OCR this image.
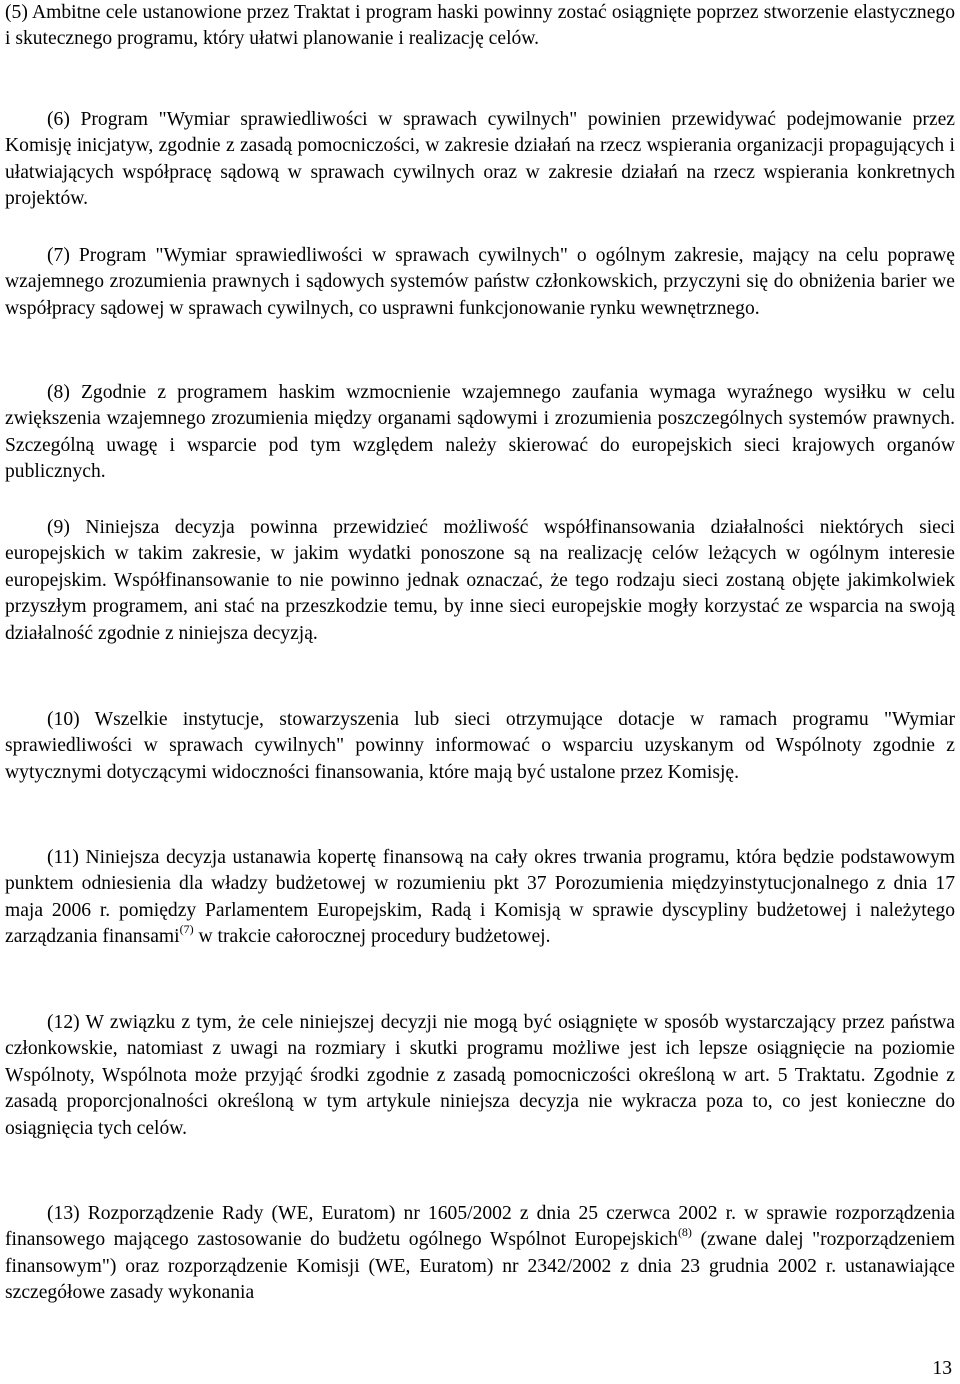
(5) Ambitne cele ustanowione przez Traktat i program haski powinny zostać osiągnięte poprzez stworzenie elastycznego i skutecznego programu, który ułatwi planowanie i realizację celów.

(6) Program "Wymiar sprawiedliwości w sprawach cywilnych" powinien przewidywać podejmowanie przez Komisję inicjatyw, zgodnie z zasadą pomocniczości, w zakresie działań na rzecz wspierania organizacji propagujących i ułatwiających współpracę sądową w sprawach cywilnych oraz w zakresie działań na rzecz wspierania konkretnych projektów.

(7) Program "Wymiar sprawiedliwości w sprawach cywilnych" o ogólnym zakresie, mający na celu poprawę wzajemnego zrozumienia prawnych i sądowych systemów państw członkowskich, przyczyni się do obniżenia barier we współpracy sądowej w sprawach cywilnych, co usprawni funkcjonowanie rynku wewnętrznego.

(8) Zgodnie z programem haskim wzmocnienie wzajemnego zaufania wymaga wyraźnego wysiłku w celu zwiększenia wzajemnego zrozumienia między organami sądowymi i zrozumienia poszczególnych systemów prawnych. Szczególną uwagę i wsparcie pod tym względem należy skierować do europejskich sieci krajowych organów publicznych.

(9) Niniejsza decyzja powinna przewidzieć możliwość współfinansowania działalności niektórych sieci europejskich w takim zakresie, w jakim wydatki ponoszone są na realizację celów leżących w ogólnym interesie europejskim. Współfinansowanie to nie powinno jednak oznaczać, że tego rodzaju sieci zostaną objęte jakimkolwiek przyszłym programem, ani stać na przeszkodzie temu, by inne sieci europejskie mogły korzystać ze wsparcia na swoją działalność zgodnie z niniejsza decyzją.

(10) Wszelkie instytucje, stowarzyszenia lub sieci otrzymujące dotacje w ramach programu "Wymiar sprawiedliwości w sprawach cywilnych" powinny informować o wsparciu uzyskanym od Wspólnoty zgodnie z wytycznymi dotyczącymi widoczności finansowania, które mają być ustalone przez Komisję.

(11) Niniejsza decyzja ustanawia kopertę finansową na cały okres trwania programu, która będzie podstawowym punktem odniesienia dla władzy budżetowej w rozumieniu pkt 37 Porozumienia międzyinstytucjonalnego z dnia 17 maja 2006 r. pomiędzy Parlamentem Europejskim, Radą i Komisją w sprawie dyscypliny budżetowej i należytego zarządzania finansami$^{(7)}$ w trakcie całorocznej procedury budżetowej.

(12) W związku z tym, że cele niniejszej decyzji nie mogą być osiągnięte w sposób wystarczający przez państwa członkowskie, natomiast z uwagi na rozmiary i skutki programu możliwe jest ich lepsze osiągnięcie na poziomie Wspólnoty, Wspólnota może przyjąć środki zgodnie z zasadą pomocniczości określoną w art. 5 Traktatu. Zgodnie z zasadą proporcjonalności określoną w tym artykule niniejsza decyzja nie wykracza poza to, co jest konieczne do osiągnięcia tych celów.

(13) Rozporządzenie Rady (WE, Euratom) nr 1605/2002 z dnia 25 czerwca 2002 r. w sprawie rozporządzenia finansowego mającego zastosowanie do budżetu ogólnego Wspólnot Europejskich$^{(8)}$ (zwane dalej "rozporządzeniem finansowym") oraz rozporządzenie Komisji (WE, Euratom) nr 2342/2002 z dnia 23 grudnia 2002 r. ustanawiające szczegółowe zasady wykonania

13
